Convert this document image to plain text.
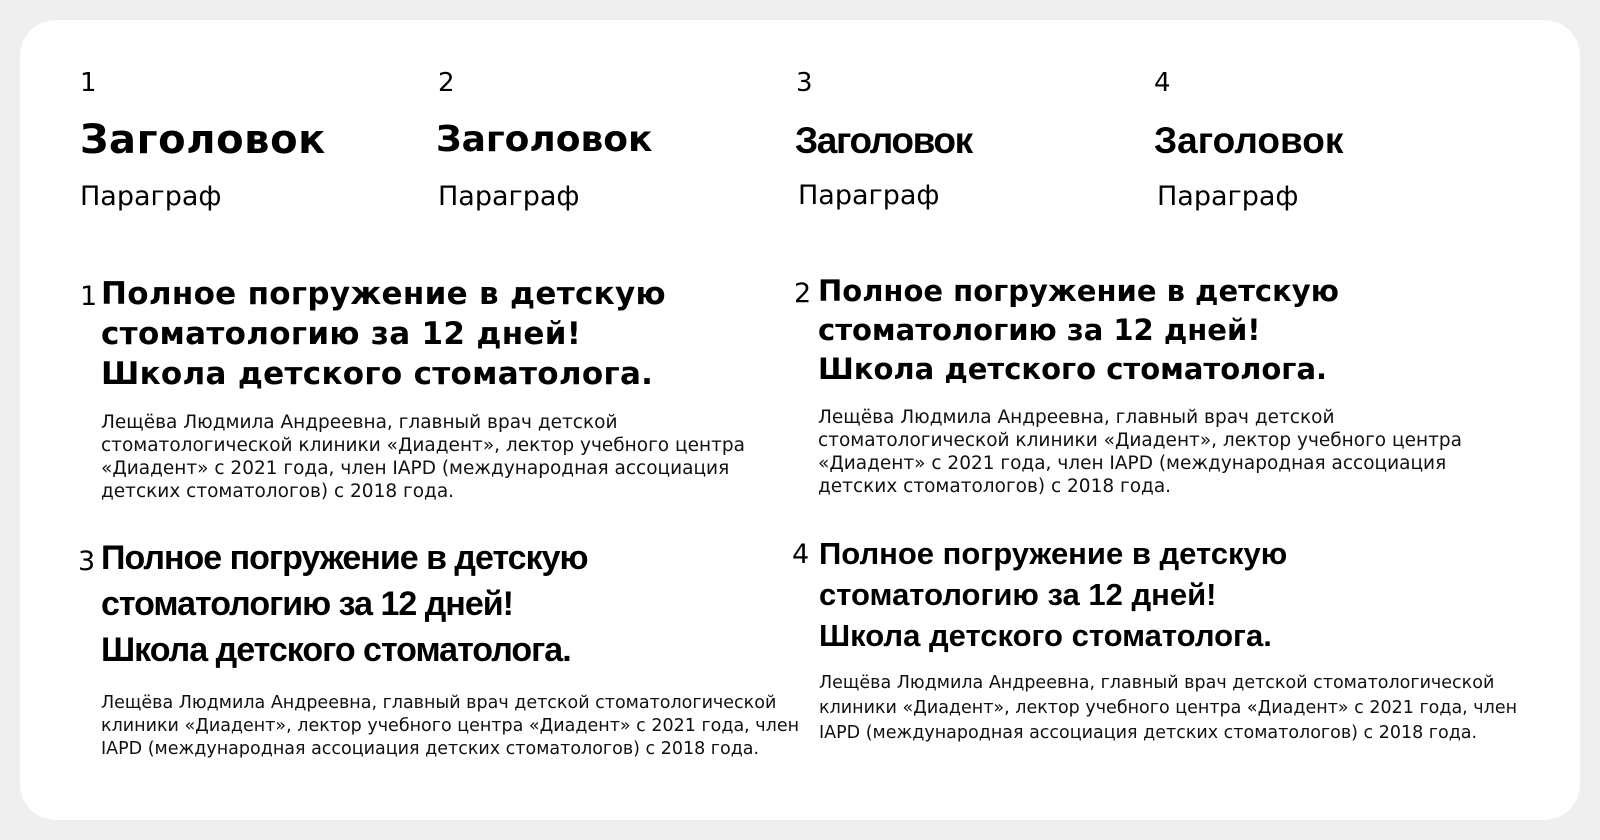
1
Заголовок
Параграф
2
Заголовок
Параграф
3
Заголовок
Параграф
4
Заголовок
Параграф
1 Полное погружение в детскую
стоматологию за 12 дней!
Школа детского стоматолога.
Лещёва Людмила Андреевна, главный врач детской
стоматологической клиники «Диадент», лектор учебного центра
«Диадент» с 2021 года, член IAPD (международная ассоциация
детских стоматологов) с 2018 года.
2 Полное погружение в детскую
стоматологию за 12 дней!
Школа детского стоматолога.
Лещёва Людмила Андреевна, главный врач детской
стоматологической клиники «Диадент», лектор учебного центра
«Диадент» с 2021 года, член IAPD (международная ассоциация
детских стоматологов) с 2018 года.
3 Полное погружение в детскую
стоматологию за 12 дней!
Школа детского стоматолога.
Лещёва Людмила Андреевна, главный врач детской стоматологической
клиники «Диадент», лектор учебного центра «Диадент» с 2021 года, член
IAPD (международная ассоциация детских стоматологов) с 2018 года.
4 Полное погружение в детскую
стоматологию за 12 дней!
Школа детского стоматолога.
Лещёва Людмила Андреевна, главный врач детской стоматологической
клиники «Диадент», лектор учебного центра «Диадент» с 2021 года, член
IAPD (международная ассоциация детских стоматологов) с 2018 года.
